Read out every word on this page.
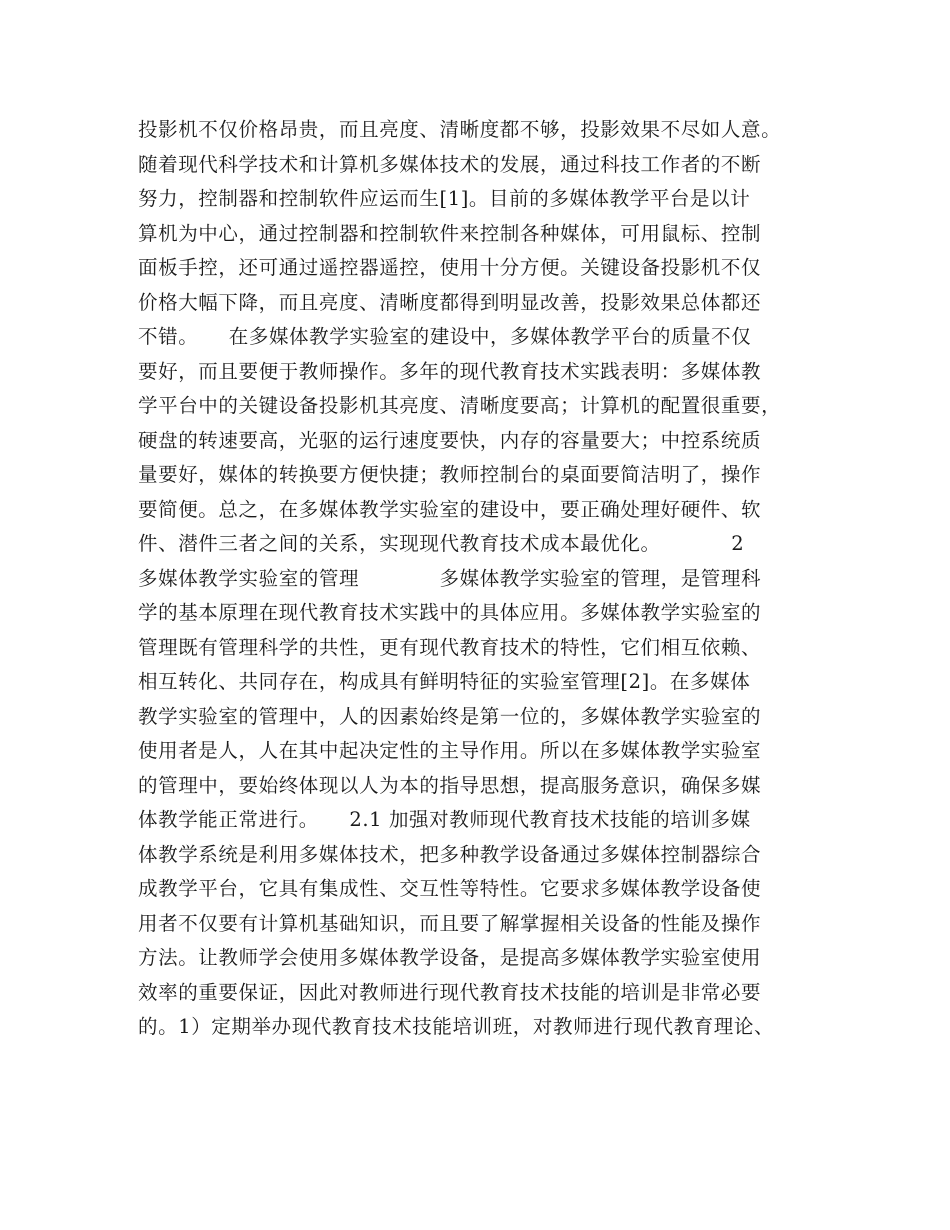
投影机不仅价格昂贵，而且亮度、清晰度都不够，投影效果不尽如人意。
随着现代科学技术和计算机多媒体技术的发展，通过科技工作者的不断
努力，控制器和控制软件应运而生[1]。目前的多媒体教学平台是以计
算机为中心，通过控制器和控制软件来控制各种媒体，可用鼠标、控制
面板手控，还可通过遥控器遥控，使用十分方便。关键设备投影机不仅
价格大幅下降，而且亮度、清晰度都得到明显改善，投影效果总体都还
不错。　　在多媒体教学实验室的建设中，多媒体教学平台的质量不仅
要好，而且要便于教师操作。多年的现代教育技术实践表明：多媒体教
学平台中的关键设备投影机其亮度、清晰度要高；计算机的配置很重要，
硬盘的转速要高，光驱的运行速度要快，内存的容量要大；中控系统质
量要好，媒体的转换要方便快捷；教师控制台的桌面要简洁明了，操作
要简便。总之，在多媒体教学实验室的建设中，要正确处理好硬件、软
件、潜件三者之间的关系，实现现代教育技术成本最优化。　　　　2
多媒体教学实验室的管理　　　　多媒体教学实验室的管理，是管理科
学的基本原理在现代教育技术实践中的具体应用。多媒体教学实验室的
管理既有管理科学的共性，更有现代教育技术的特性，它们相互依赖、
相互转化、共同存在，构成具有鲜明特征的实验室管理[2]。在多媒体
教学实验室的管理中，人的因素始终是第一位的，多媒体教学实验室的
使用者是人，人在其中起决定性的主导作用。所以在多媒体教学实验室
的管理中，要始终体现以人为本的指导思想，提高服务意识，确保多媒
体教学能正常进行。　　2.1 加强对教师现代教育技术技能的培训多媒
体教学系统是利用多媒体技术，把多种教学设备通过多媒体控制器综合
成教学平台，它具有集成性、交互性等特性。它要求多媒体教学设备使
用者不仅要有计算机基础知识，而且要了解掌握相关设备的性能及操作
方法。让教师学会使用多媒体教学设备，是提高多媒体教学实验室使用
效率的重要保证，因此对教师进行现代教育技术技能的培训是非常必要
的。1）定期举办现代教育技术技能培训班，对教师进行现代教育理论、
